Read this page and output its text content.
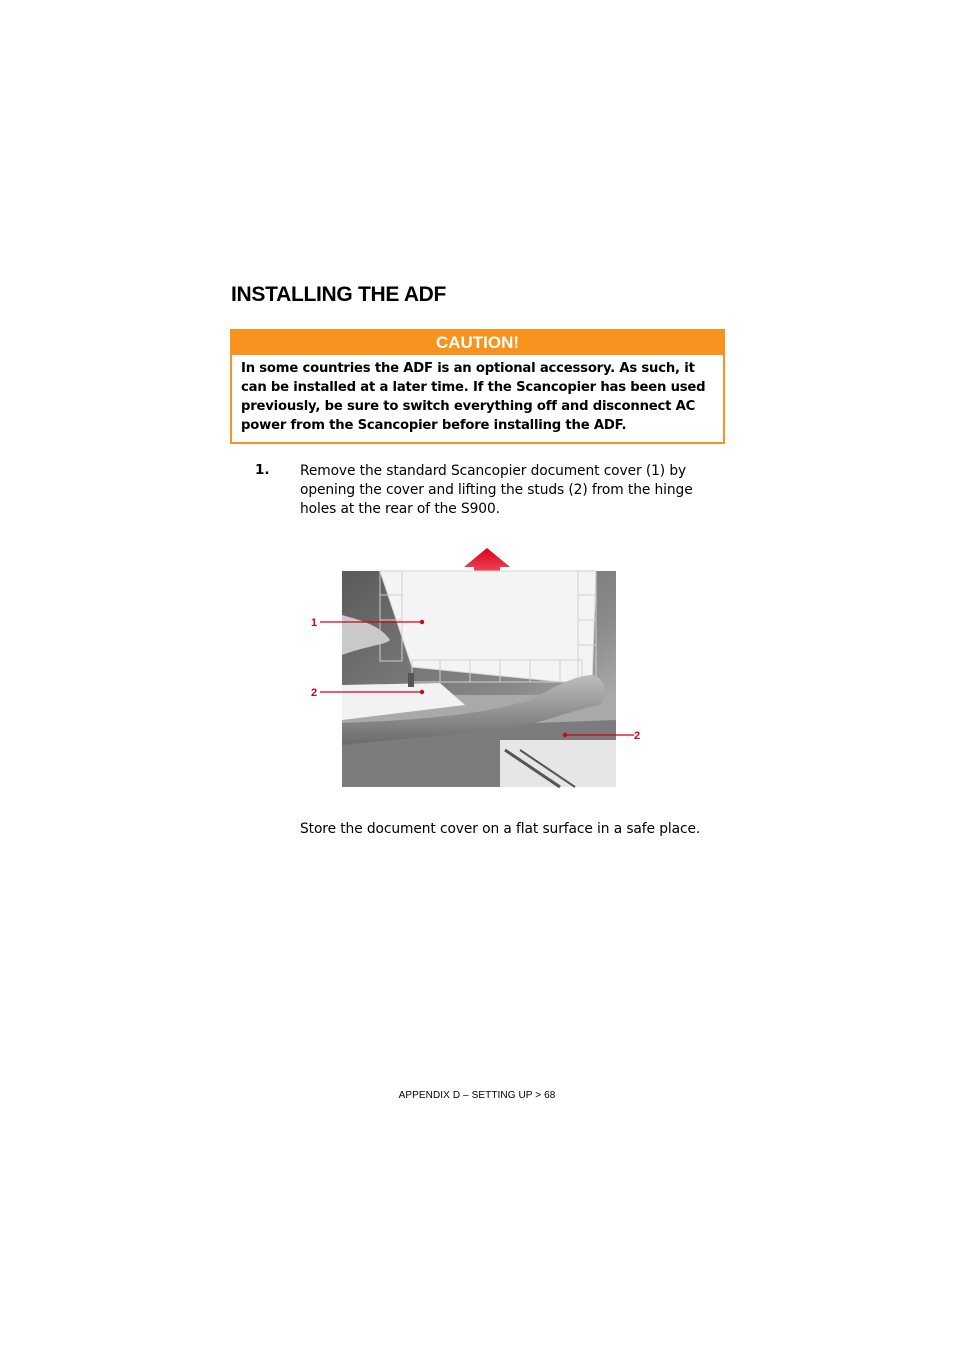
INSTALLING THE ADF
CAUTION!
In some countries the ADF is an optional accessory. As such, it can be installed at a later time. If the Scancopier has been used previously, be sure to switch everything off and disconnect AC power from the Scancopier before installing the ADF.
1. Remove the standard Scancopier document cover (1) by opening the cover and lifting the studs (2) from the hinge holes at the rear of the S900.
1
2
2
Store the document cover on a flat surface in a safe place.
APPENDIX D – SETTING UP > 68
